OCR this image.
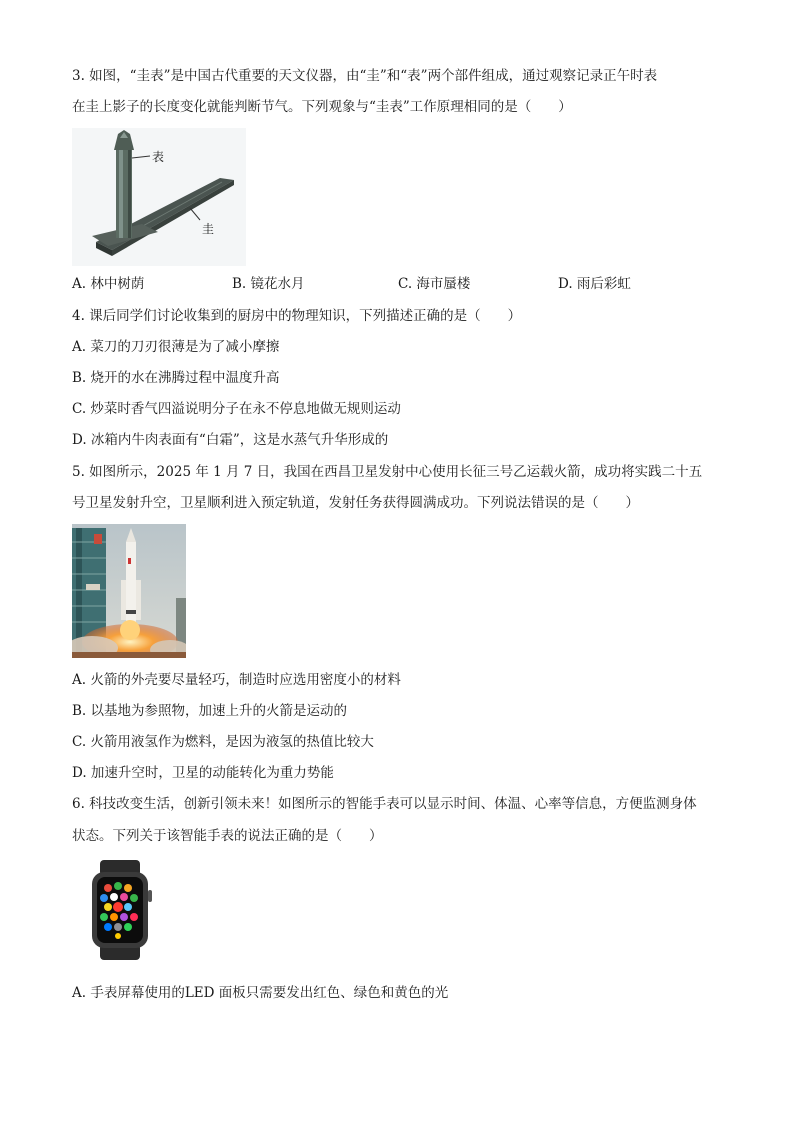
3. 如图，“圭表”是中国古代重要的天文仪器，由“圭”和“表”两个部件组成，通过观察记录正午时表
在圭上影子的长度变化就能判断节气。下列观象与“圭表”工作原理相同的是（　　）
表
圭
A. 林中树荫	B. 镜花水月	C. 海市蜃楼	D. 雨后彩虹
4. 课后同学们讨论收集到的厨房中的物理知识，下列描述正确的是（　　）
A. 菜刀的刀刃很薄是为了减小摩擦
B. 烧开的水在沸腾过程中温度升高
C. 炒菜时香气四溢说明分子在永不停息地做无规则运动
D. 冰箱内牛肉表面有“白霜”，这是水蒸气升华形成的
5. 如图所示，2025 年 1 月 7 日，我国在西昌卫星发射中心使用长征三号乙运载火箭，成功将实践二十五
号卫星发射升空，卫星顺利进入预定轨道，发射任务获得圆满成功。下列说法错误的是（　　）
A. 火箭的外壳要尽量轻巧，制造时应选用密度小的材料
B. 以基地为参照物，加速上升的火箭是运动的
C. 火箭用液氢作为燃料，是因为液氢的热值比较大
D. 加速升空时，卫星的动能转化为重力势能
6. 科技改变生活，创新引领未来！如图所示的智能手表可以显示时间、体温、心率等信息，方便监测身体
状态。下列关于该智能手表的说法正确的是（　　）
A. 手表屏幕使用的LED 面板只需要发出红色、绿色和黄色的光
